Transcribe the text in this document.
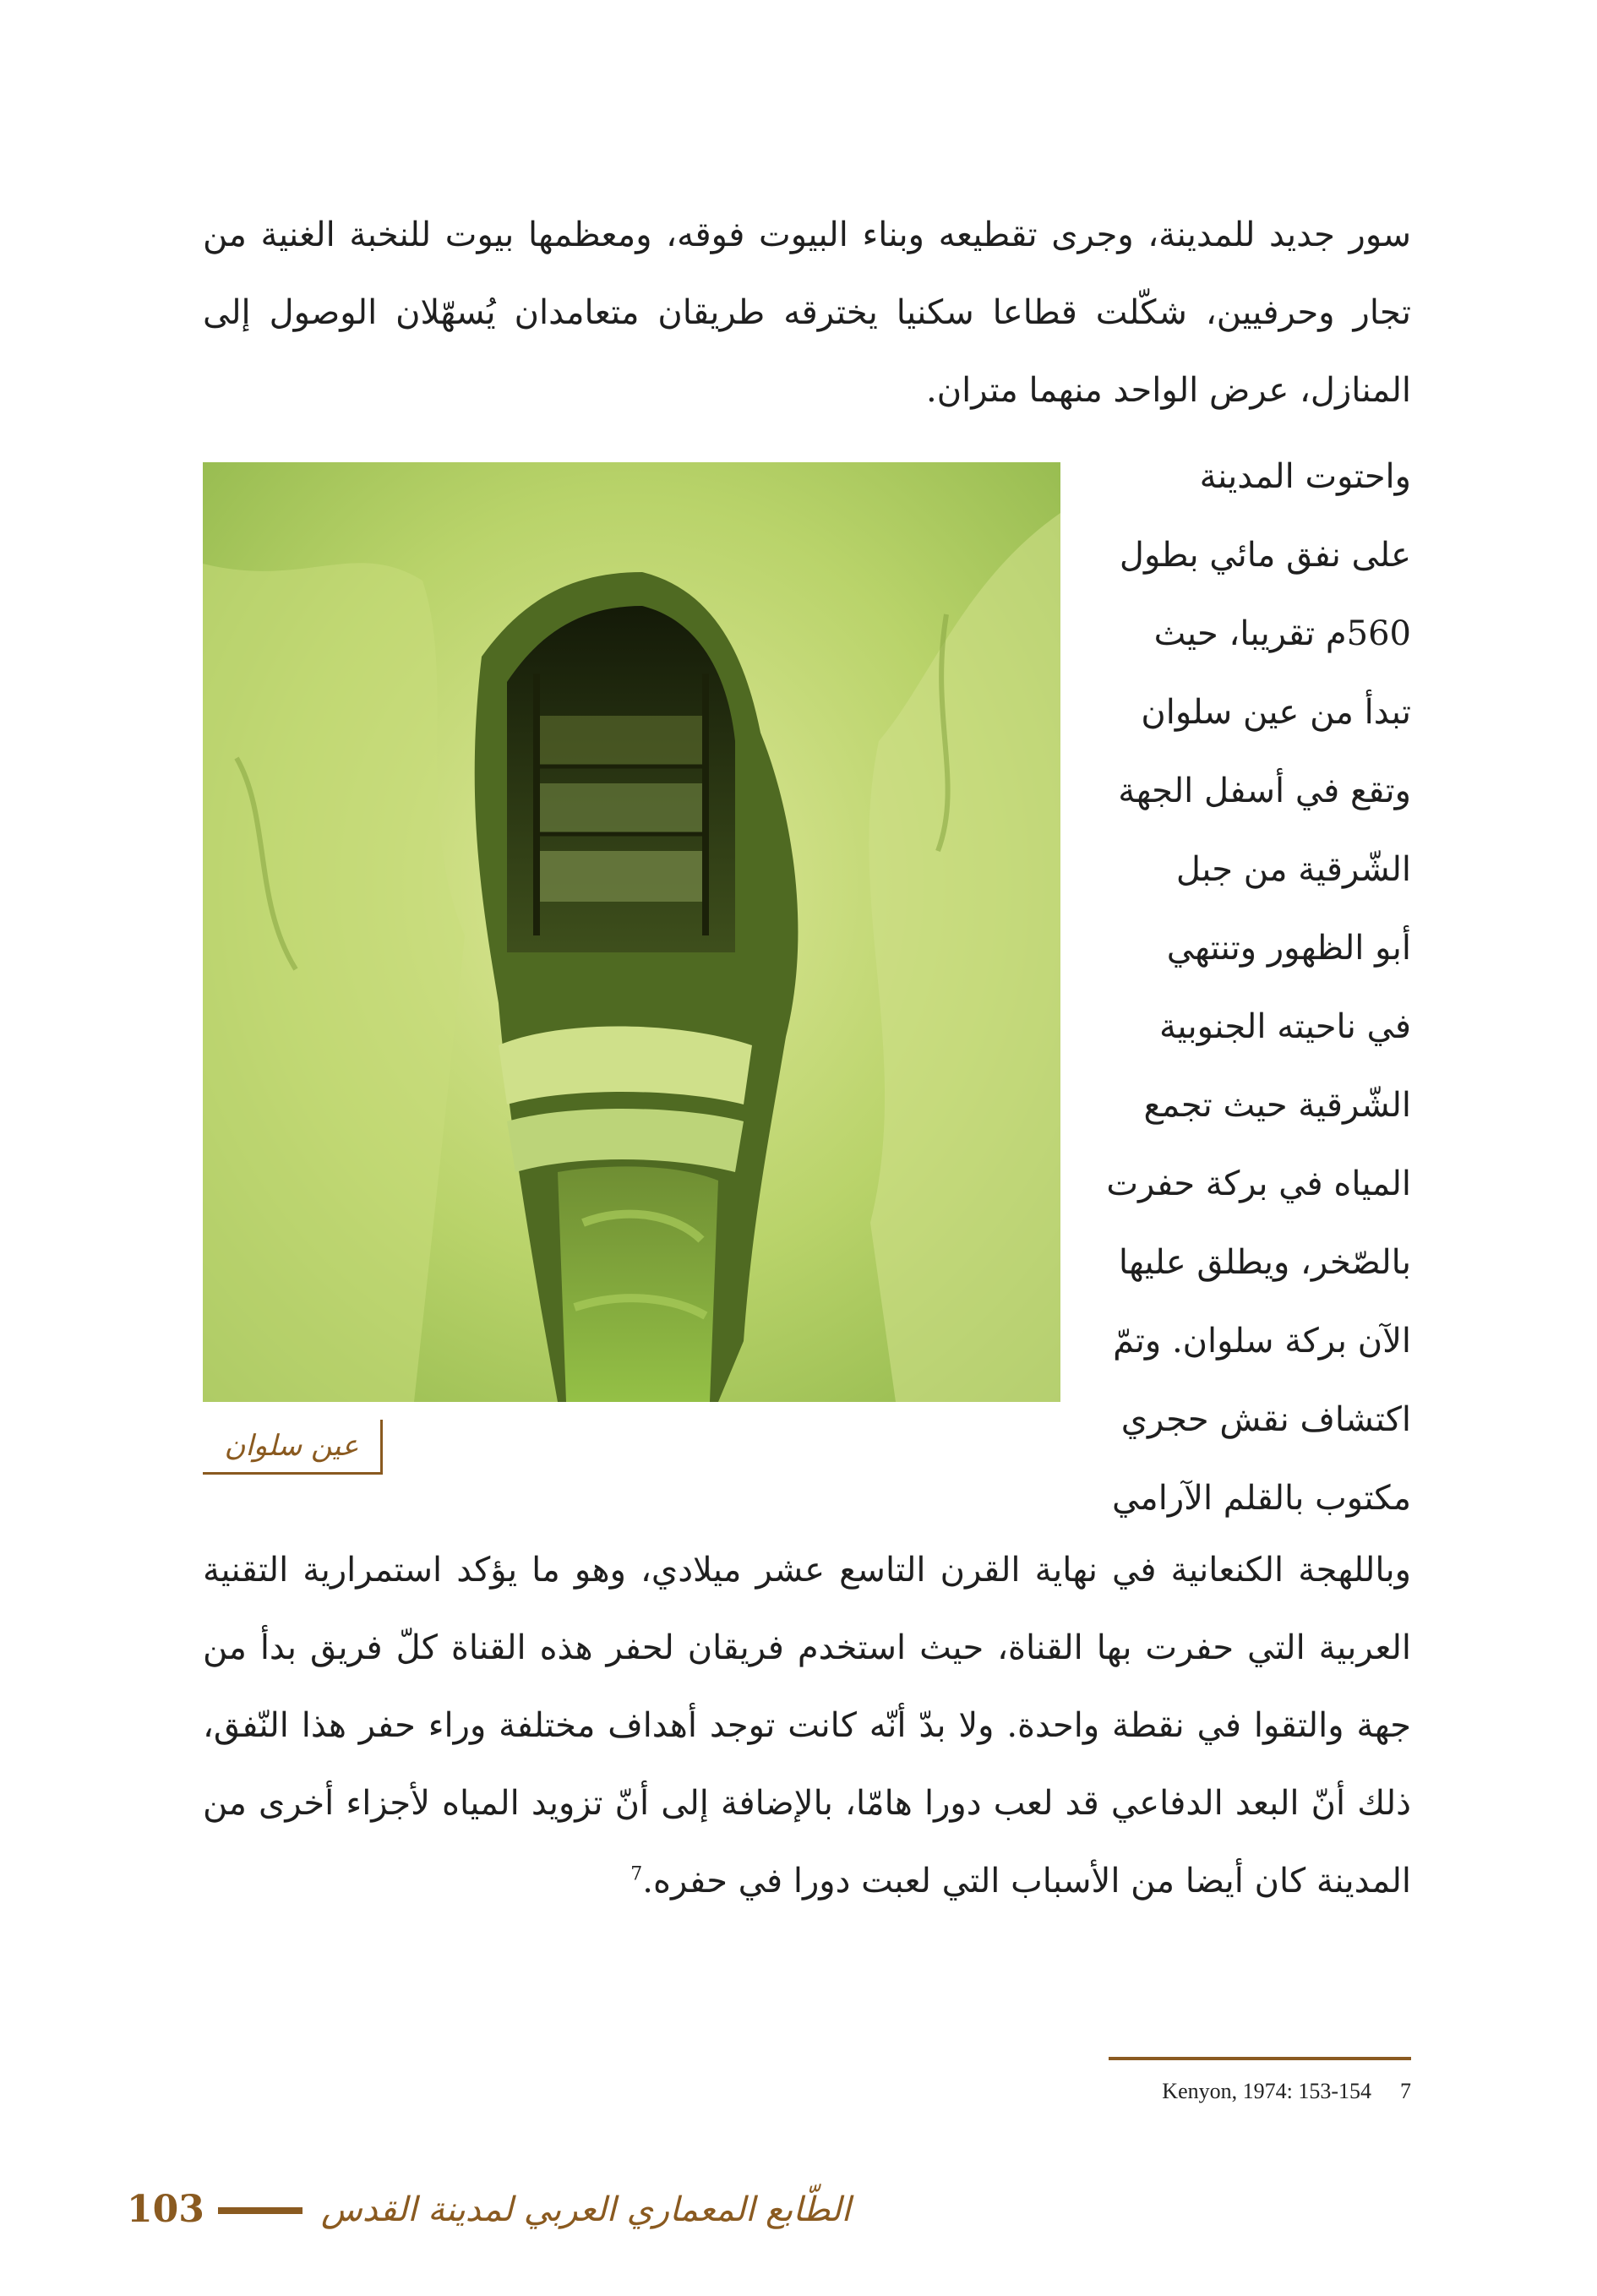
سور جديد للمدينة، وجرى تقطيعه وبناء البيوت فوقه، ومعظمها بيوت للنخبة الغنية من تجار وحرفيين، شكّلت قطاعا سكنيا يخترقه طريقان متعامدان يُسهّلان الوصول إلى المنازل، عرض الواحد منهما متران.

واحتوت المدينة
على نفق مائي بطول
560م تقريبا، حيث
تبدأ من عين سلوان
وتقع في أسفل الجهة
الشّرقية من جبل
أبو الظهور وتنتهي
في ناحيته الجنوبية
الشّرقية حيث تجمع
المياه في بركة حفرت
بالصّخر، ويطلق عليها
الآن بركة سلوان. وتمّ
اكتشاف نقش حجري
مكتوب بالقلم الآرامي
عين سلوان

وباللهجة الكنعانية في نهاية القرن التاسع عشر ميلادي، وهو ما يؤكد استمرارية التقنية العربية التي حفرت بها القناة، حيث استخدم فريقان لحفر هذه القناة كلّ فريق بدأ من جهة والتقوا في نقطة واحدة. ولا بدّ أنّه كانت توجد أهداف مختلفة وراء حفر هذا النّفق، ذلك أنّ البعد الدفاعي قد لعب دورا هامّا، بالإضافة إلى أنّ تزويد المياه لأجزاء أخرى من المدينة كان أيضا من الأسباب التي لعبت دورا في حفره.$^7$

Kenyon, 1974: 153-154 7
103	الطّابع المعماري العربي لمدينة القدس
